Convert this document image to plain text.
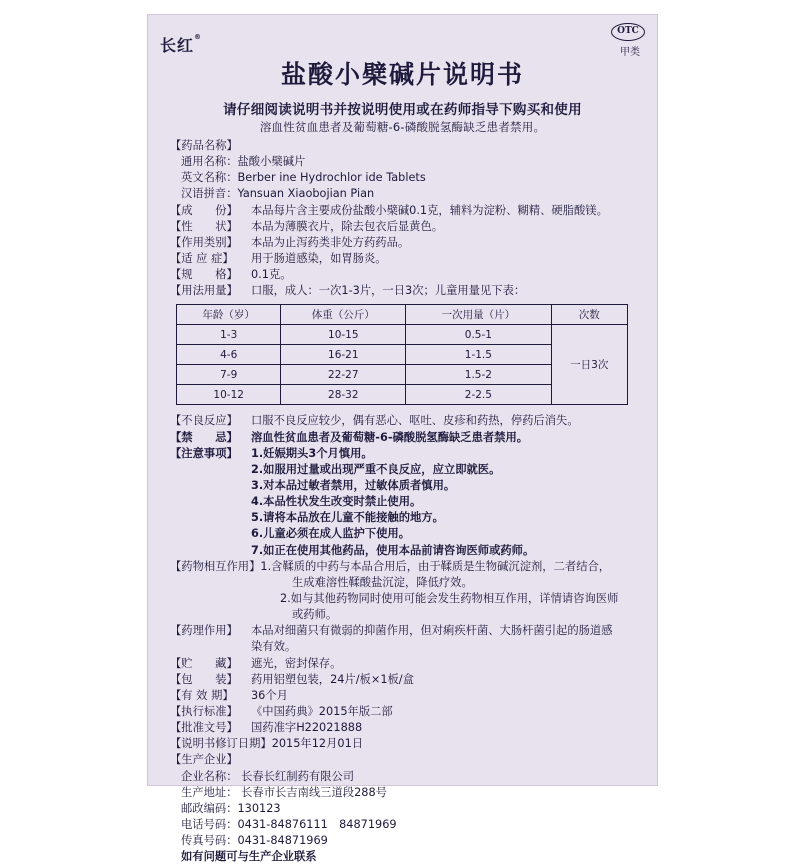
长红®
OTC
甲类
盐酸小檗碱片说明书
请仔细阅读说明书并按说明使用或在药师指导下购买和使用
溶血性贫血患者及葡萄糖-6-磷酸脱氢酶缺乏患者禁用。
【药品名称】
通用名称：盐酸小檗碱片
英文名称：Berber ine Hydrochlor ide Tablets
汉语拼音：Yansuan Xiaobojian Pian
【成　　份】 本品每片含主要成份盐酸小檗碱0.1克，辅料为淀粉、糊精、硬脂酸镁。
【性　　状】 本品为薄膜衣片，除去包衣后显黄色。
【作用类别】 本品为止泻药类非处方药药品。
【适 应 症】 用于肠道感染，如胃肠炎。
【规　　格】 0.1克。
【用法用量】 口服，成人：一次1-3片，一日3次；儿童用量见下表：
年龄（岁）	体重（公斤）	一次用量（片）	次数
1-3	10-15	0.5-1	一日3次
4-6	16-21	1-1.5	
7-9	22-27	1.5-2	
10-12	28-32	2-2.5	
【不良反应】 口服不良反应较少，偶有恶心、呕吐、皮疹和药热，停药后消失。
【禁　　忌】 溶血性贫血患者及葡萄糖-6-磷酸脱氢酶缺乏患者禁用。
【注意事项】 1.妊娠期头3个月慎用。
2.如服用过量或出现严重不良反应，应立即就医。
3.对本品过敏者禁用，过敏体质者慎用。
4.本品性状发生改变时禁止使用。
5.请将本品放在儿童不能接触的地方。
6.儿童必须在成人监护下使用。
7.如正在使用其他药品，使用本品前请咨询医师或药师。
【药物相互作用】1.含鞣质的中药与本品合用后，由于鞣质是生物碱沉淀剂，二者结合，
生成难溶性鞣酸盐沉淀，降低疗效。
2.如与其他药物同时使用可能会发生药物相互作用，详情请咨询医师
或药师。
【药理作用】 本品对细菌只有微弱的抑菌作用，但对痢疾杆菌、大肠杆菌引起的肠道感
染有效。
【贮　　藏】 遮光，密封保存。
【包　　装】 药用铝塑包装，24片/板×1板/盒
【有 效 期】 36个月
【执行标准】 《中国药典》2015年版二部
【批准文号】 国药准字H22021888
【说明书修订日期】2015年12月01日
【生产企业】
企业名称： 长春长红制药有限公司
生产地址： 长春市长吉南线三道段288号
邮政编码：130123
电话号码：0431-84876111　84871969
传真号码：0431-84871969
如有问题可与生产企业联系
